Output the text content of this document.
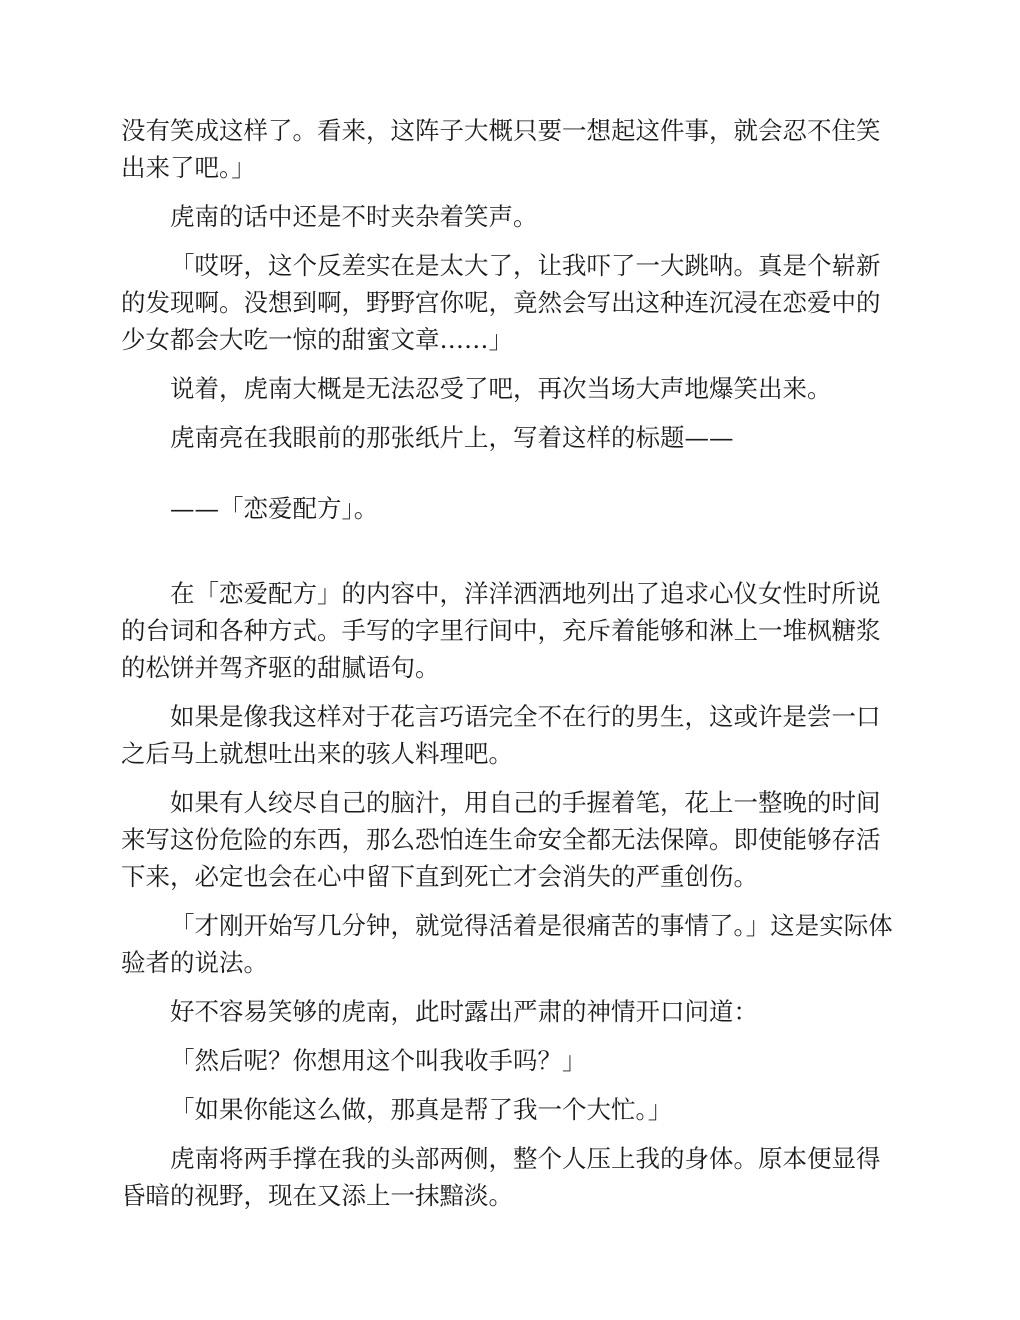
没有笑成这样了。看来，这阵子大概只要一想起这件事，就会忍不住笑出来了吧。」

虎南的话中还是不时夹杂着笑声。

「哎呀，这个反差实在是太大了，让我吓了一大跳呐。真是个崭新的发现啊。没想到啊，野野宫你呢，竟然会写出这种连沉浸在恋爱中的少女都会大吃一惊的甜蜜文章……」

说着，虎南大概是无法忍受了吧，再次当场大声地爆笑出来。

虎南亮在我眼前的那张纸片上，写着这样的标题——

——「恋爱配方」。

在「恋爱配方」的内容中，洋洋洒洒地列出了追求心仪女性时所说的台词和各种方式。手写的字里行间中，充斥着能够和淋上一堆枫糖浆的松饼并驾齐驱的甜腻语句。

如果是像我这样对于花言巧语完全不在行的男生，这或许是尝一口之后马上就想吐出来的骇人料理吧。

如果有人绞尽自己的脑汁，用自己的手握着笔，花上一整晚的时间来写这份危险的东西，那么恐怕连生命安全都无法保障。即使能够存活下来，必定也会在心中留下直到死亡才会消失的严重创伤。

「才刚开始写几分钟，就觉得活着是很痛苦的事情了。」这是实际体验者的说法。

好不容易笑够的虎南，此时露出严肃的神情开口问道：

「然后呢？你想用这个叫我收手吗？」

「如果你能这么做，那真是帮了我一个大忙。」

虎南将两手撑在我的头部两侧，整个人压上我的身体。原本便显得昏暗的视野，现在又添上一抹黯淡。
